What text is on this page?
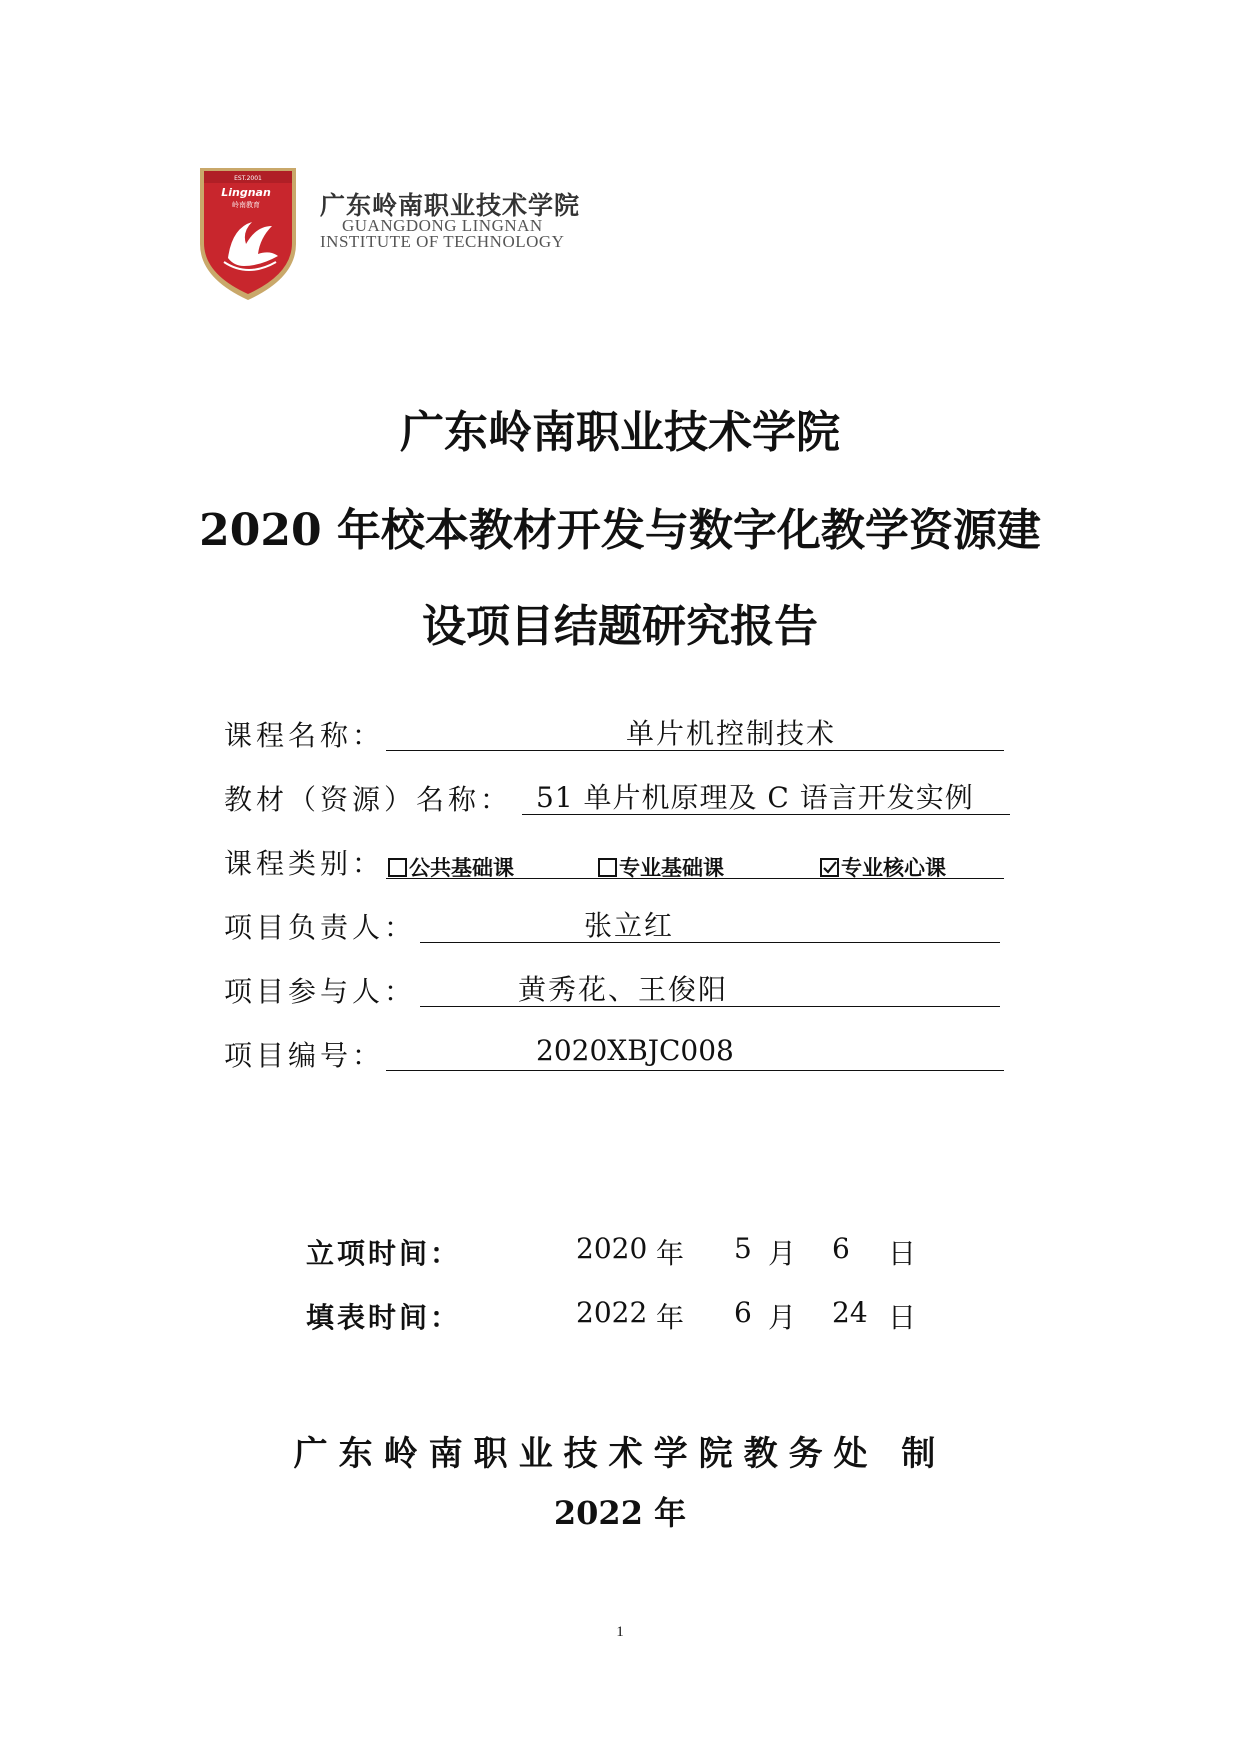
EST.2001
Lingnan
岭南教育 广东岭南职业技术学院
GUANGDONG LINGNAN
INSTITUTE OF TECHNOLOGY
广东岭南职业技术学院
2020 年校本教材开发与数字化教学资源建
设项目结题研究报告
课程名称：	单片机控制技术
教材（资源）名称： 51 单片机原理及 C 语言开发实例
课程类别： 公共基础课	专业基础课	专业核心课
项目负责人：	张立红
项目参与人：	黄秀花、王俊阳
项目编号：	2020XBJC008
立项时间：	2020 年 5 月 6 日
填表时间：	2022 年 6 月 24 日
广东岭南职业技术学院教务处 制
2022 年
1
